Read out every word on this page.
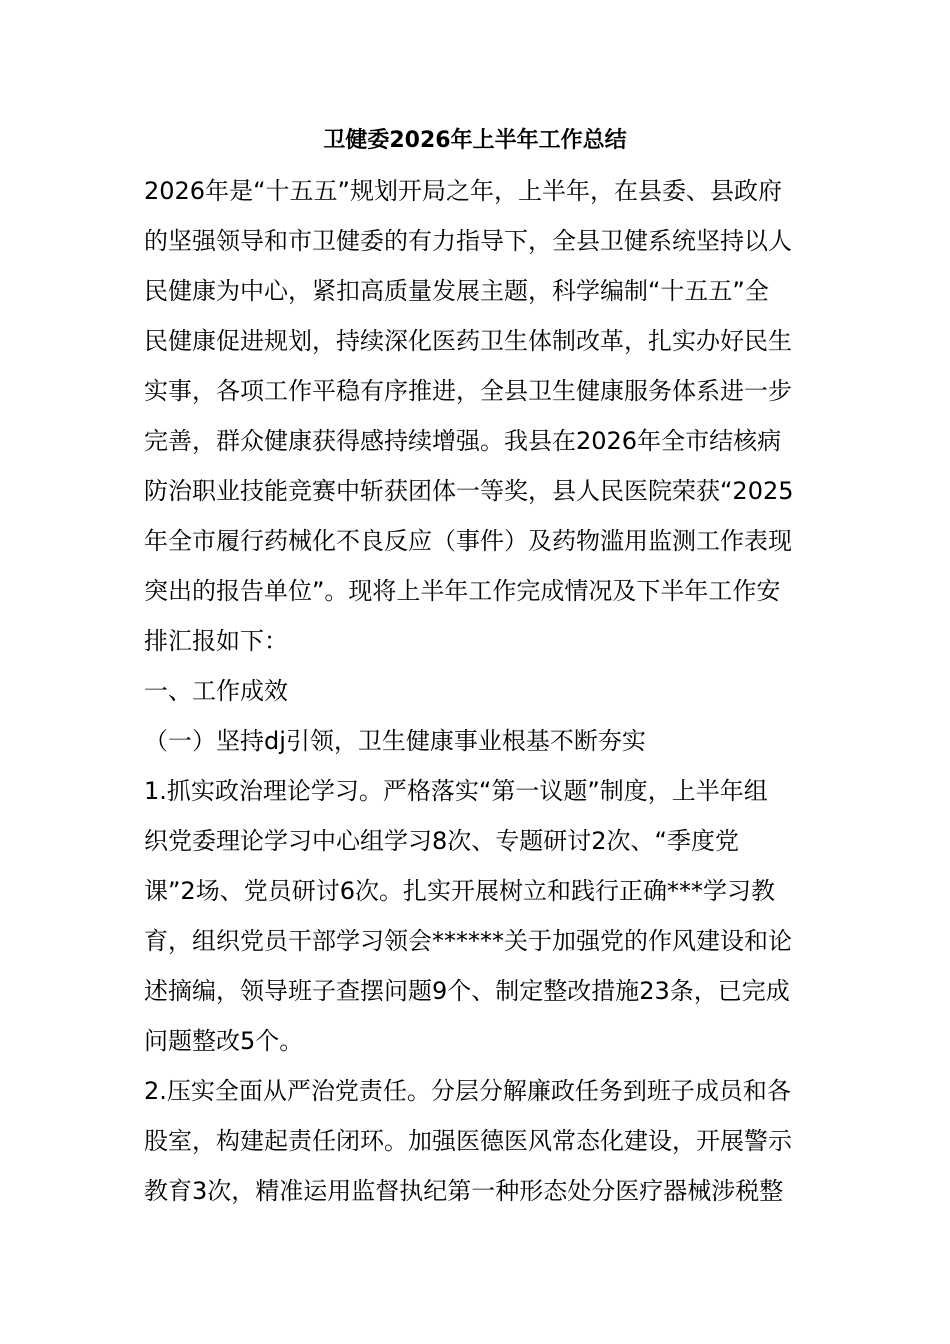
卫健委2026年上半年工作总结
2026年是“十五五”规划开局之年，上半年，在县委、县政府
的坚强领导和市卫健委的有力指导下，全县卫健系统坚持以人
民健康为中心，紧扣高质量发展主题，科学编制“十五五”全
民健康促进规划，持续深化医药卫生体制改革，扎实办好民生
实事，各项工作平稳有序推进，全县卫生健康服务体系进一步
完善，群众健康获得感持续增强。我县在2026年全市结核病
防治职业技能竞赛中斩获团体一等奖，县人民医院荣获“2025
年全市履行药械化不良反应（事件）及药物滥用监测工作表现
突出的报告单位”。现将上半年工作完成情况及下半年工作安
排汇报如下：
一、工作成效
（一）坚持dj引领，卫生健康事业根基不断夯实
1.抓实政治理论学习。严格落实“第一议题”制度，上半年组
织党委理论学习中心组学习8次、专题研讨2次、“季度党
课”2场、党员研讨6次。扎实开展树立和践行正确***学习教
育，组织党员干部学习领会******关于加强党的作风建设和论
述摘编，领导班子查摆问题9个、制定整改措施23条，已完成
问题整改5个。
2.压实全面从严治党责任。分层分解廉政任务到班子成员和各
股室，构建起责任闭环。加强医德医风常态化建设，开展警示
教育3次，精准运用监督执纪第一种形态处分医疗器械涉税整
